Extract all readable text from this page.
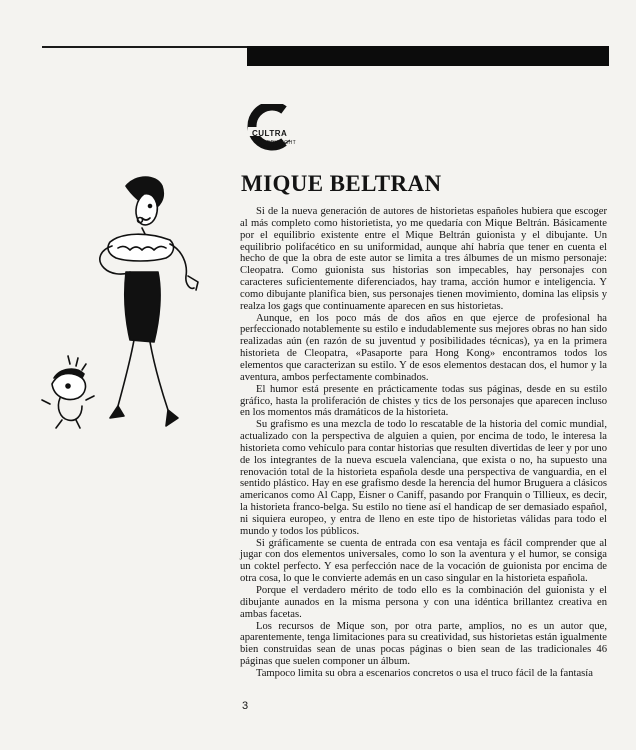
CULTRA
COPYRIGHT
MIQUE BELTRAN

Si de la nueva generación de autores de historietas españoles hubiera que escoger al más completo como historietista, yo me quedaría con Mique Beltrán. Básicamente por el equilibrio existente entre el Mique Beltrán guionista y el dibujante. Un equilibrio polifacético en su uniformidad, aunque ahí habría que tener en cuenta el hecho de que la obra de este autor se limita a tres álbumes de un mismo personaje: Cleopatra. Como guionista sus historias son impecables, hay personajes con caracteres suficientemente diferenciados, hay trama, acción humor e inteligencia. Y como dibujante planifica bien, sus personajes tienen movimiento, domina las elipsis y realza los gags que continuamente aparecen en sus historietas.

Aunque, en los poco más de dos años en que ejerce de profesional ha perfeccionado notablemente su estilo e indudablemente sus mejores obras no han sido realizadas aún (en razón de su juventud y posibilidades técnicas), ya en la primera historieta de Cleopatra, «Pasaporte para Hong Kong» encontramos todos los elementos que caracterizan su estilo. Y de esos elementos destacan dos, el humor y la aventura, ambos perfectamente combinados.

El humor está presente en prácticamente todas sus páginas, desde en su estilo gráfico, hasta la proliferación de chistes y tics de los personajes que aparecen incluso en los momentos más dramáticos de la historieta.

Su grafismo es una mezcla de todo lo rescatable de la historia del comic mundial, actualizado con la perspectiva de alguien a quien, por encima de todo, le interesa la historieta como vehículo para contar historias que resulten divertidas de leer y por uno de los integrantes de la nueva escuela valenciana, que exista o no, ha supuesto una renovación total de la historieta española desde una perspectiva de vanguardia, en el sentido plástico. Hay en ese grafismo desde la herencia del humor Bruguera a clásicos americanos como Al Capp, Eisner o Caniff, pasando por Franquin o Tillieux, es decir, la historieta franco-belga. Su estilo no tiene así el handicap de ser demasiado español, ni siquiera europeo, y entra de lleno en este tipo de historietas válidas para todo el mundo y todos los públicos.

Si gráficamente se cuenta de entrada con esa ventaja es fácil comprender que al jugar con dos elementos universales, como lo son la aventura y el humor, se consiga un coktel perfecto. Y esa perfección nace de la vocación de guionista por encima de otra cosa, lo que le convierte además en un caso singular en la historieta española.

Porque el verdadero mérito de todo ello es la combinación del guionista y el dibujante aunados en la misma persona y con una idéntica brillantez creativa en ambas facetas.

Los recursos de Mique son, por otra parte, amplios, no es un autor que, aparentemente, tenga limitaciones para su creatividad, sus historietas están igualmente bien construidas sean de unas pocas páginas o bien sean de las tradicionales 46 páginas que suelen componer un álbum.

Tampoco limita su obra a escenarios concretos o usa el truco fácil de la fantasía

3
